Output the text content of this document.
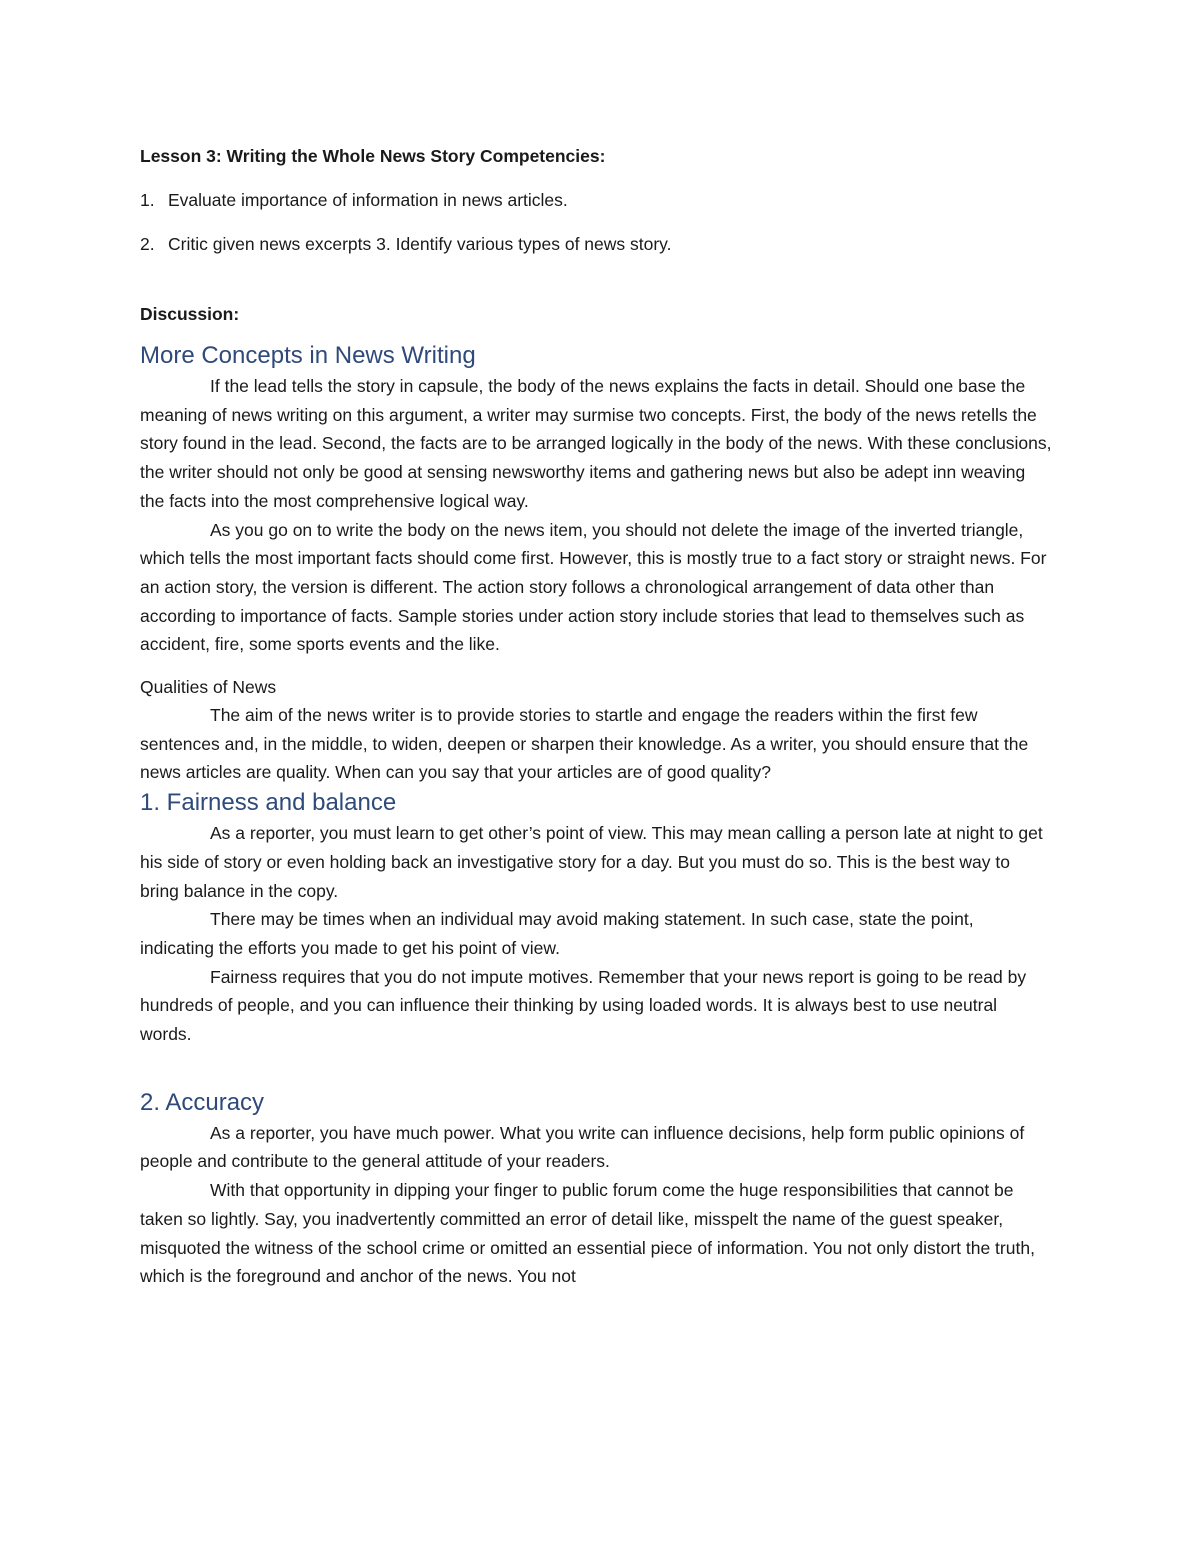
Lesson 3: Writing the Whole News Story Competencies:

1. Evaluate importance of information in news articles.
2. Critic given news excerpts 3. Identify various types of news story.

Discussion:

More Concepts in News Writing

If the lead tells the story in capsule, the body of the news explains the facts in detail. Should one base the meaning of news writing on this argument, a writer may surmise two concepts. First, the body of the news retells the story found in the lead. Second, the facts are to be arranged logically in the body of the news. With these conclusions, the writer should not only be good at sensing newsworthy items and gathering news but also be adept inn weaving the facts into the most comprehensive logical way.

As you go on to write the body on the news item, you should not delete the image of the inverted triangle, which tells the most important facts should come first. However, this is mostly true to a fact story or straight news. For an action story, the version is different. The action story follows a chronological arrangement of data other than according to importance of facts. Sample stories under action story include stories that lead to themselves such as accident, fire, some sports events and the like.

Qualities of News

The aim of the news writer is to provide stories to startle and engage the readers within the first few sentences and, in the middle, to widen, deepen or sharpen their knowledge. As a writer, you should ensure that the news articles are quality. When can you say that your articles are of good quality?

1. Fairness and balance

As a reporter, you must learn to get other’s point of view. This may mean calling a person late at night to get his side of story or even holding back an investigative story for a day. But you must do so. This is the best way to bring balance in the copy.

There may be times when an individual may avoid making statement. In such case, state the point, indicating the efforts you made to get his point of view.

Fairness requires that you do not impute motives. Remember that your news report is going to be read by hundreds of people, and you can influence their thinking by using loaded words. It is always best to use neutral words.

2. Accuracy

As a reporter, you have much power. What you write can influence decisions, help form public opinions of people and contribute to the general attitude of your readers.

With that opportunity in dipping your finger to public forum come the huge responsibilities that cannot be taken so lightly. Say, you inadvertently committed an error of detail like, misspelt the name of the guest speaker, misquoted the witness of the school crime or omitted an essential piece of information. You not only distort the truth, which is the foreground and anchor of the news. You not
